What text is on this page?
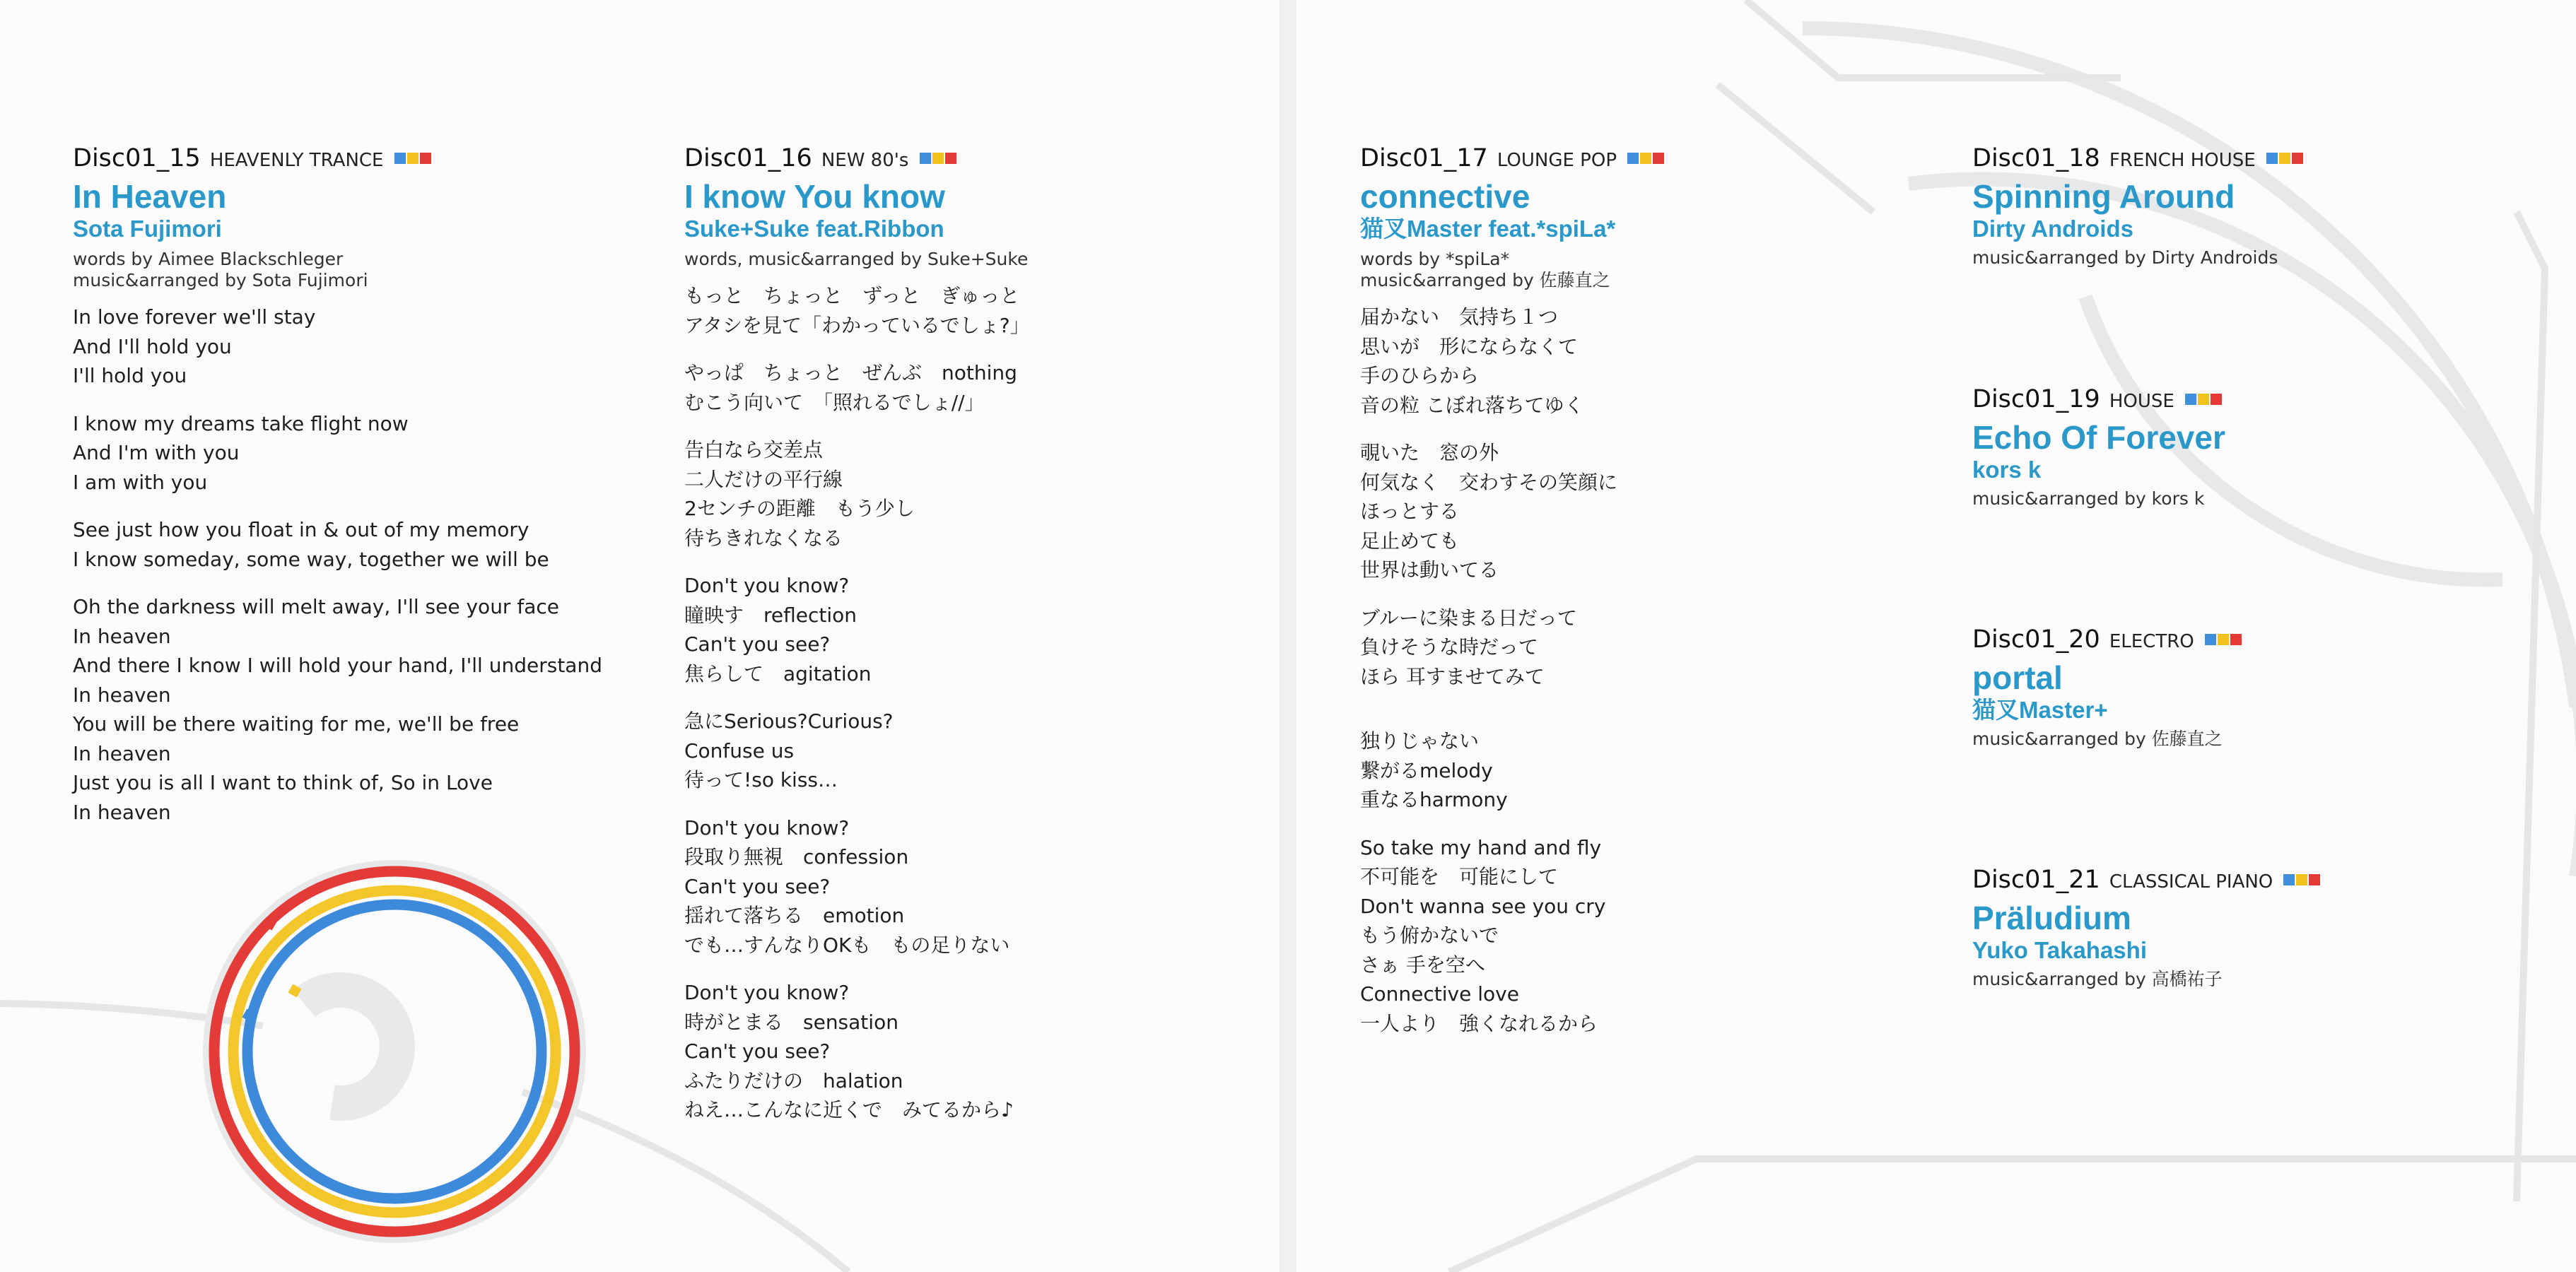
Disc01_15 HEAVENLY TRANCE
In Heaven
Sota Fujimori
words by Aimee Blackschleger
music&arranged by Sota Fujimori
In love forever we'll stay
And I'll hold you
I'll hold you
I know my dreams take flight now
And I'm with you
I am with you
See just how you float in & out of my memory
I know someday, some way, together we will be
Oh the darkness will melt away, I'll see your face
In heaven
And there I know I will hold your hand, I'll understand
In heaven
You will be there waiting for me, we'll be free
In heaven
Just you is all I want to think of, So in Love
In heaven
Disc01_16 NEW 80's
I know You know
Suke+Suke feat.Ribbon
words, music&arranged by Suke+Suke
もっと　ちょっと　ずっと　ぎゅっと
アタシを見て「わかっているでしょ?」
やっぱ　ちょっと　ぜんぶ　nothing
むこう向いて　「照れるでしょ//」
告白なら交差点
二人だけの平行線
2センチの距離　もう少し
待ちきれなくなる
Don't you know?
瞳映す　reflection
Can't you see?
焦らして　agitation
急にSerious?Curious?
Confuse us
待って!so kiss…
Don't you know?
段取り無視　confession
Can't you see?
揺れて落ちる　emotion
でも…すんなりOKも　もの足りない
Don't you know?
時がとまる　sensation
Can't you see?
ふたりだけの　halation
ねえ…こんなに近くで　みてるから♪
Disc01_17 LOUNGE POP
connective
猫叉Master feat.*spiLa*
words by *spiLa*
music&arranged by 佐藤直之
届かない　気持ち１つ
思いが　形にならなくて
手のひらから
音の粒 こぼれ落ちてゆく
覗いた　窓の外
何気なく　交わすその笑顔に
ほっとする
足止めても
世界は動いてる
ブルーに染まる日だって
負けそうな時だって
ほら 耳すませてみて
独りじゃない
繋がるmelody
重なるharmony
So take my hand and fly
不可能を　可能にして
Don't wanna see you cry
もう俯かないで
さぁ 手を空へ
Connective love
一人より　強くなれるから
Disc01_18 FRENCH HOUSE
Spinning Around
Dirty Androids
music&arranged by Dirty Androids
Disc01_19 HOUSE
Echo Of Forever
kors k
music&arranged by kors k
Disc01_20 ELECTRO
portal
猫叉Master+
music&arranged by 佐藤直之
Disc01_21 CLASSICAL PIANO
Präludium
Yuko Takahashi
music&arranged by 高橋祐子
